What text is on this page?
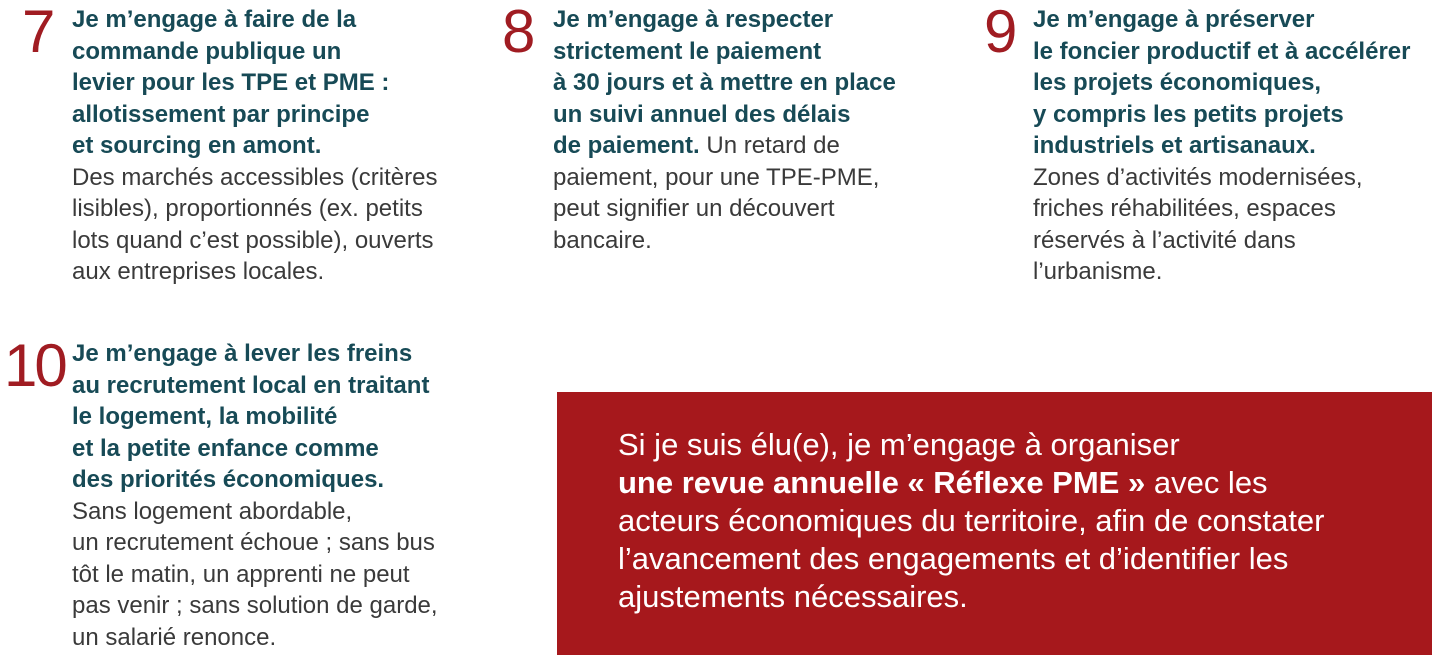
7 Je m’engage à faire de la
commande publique un
levier pour les TPE et PME :
allotissement par principe
et sourcing en amont.
Des marchés accessibles (critères
lisibles), proportionnés (ex. petits
lots quand c’est possible), ouverts
aux entreprises locales.
8 Je m’engage à respecter
strictement le paiement
à 30 jours et à mettre en place
un suivi annuel des délais
de paiement. Un retard de
paiement, pour une TPE-PME,
peut signifier un découvert
bancaire.
9 Je m’engage à préserver
le foncier productif et à accélérer
les projets économiques,
y compris les petits projets
industriels et artisanaux.
Zones d’activités modernisées,
friches réhabilitées, espaces
réservés à l’activité dans
l’urbanisme.
10 Je m’engage à lever les freins
au recrutement local en traitant
le logement, la mobilité
et la petite enfance comme
des priorités économiques.
Sans logement abordable,
un recrutement échoue ; sans bus
tôt le matin, un apprenti ne peut
pas venir ; sans solution de garde,
un salarié renonce.
Si je suis élu(e), je m’engage à organiser
une revue annuelle « Réflexe PME » avec les
acteurs économiques du territoire, afin de constater
l’avancement des engagements et d’identifier les
ajustements nécessaires.
